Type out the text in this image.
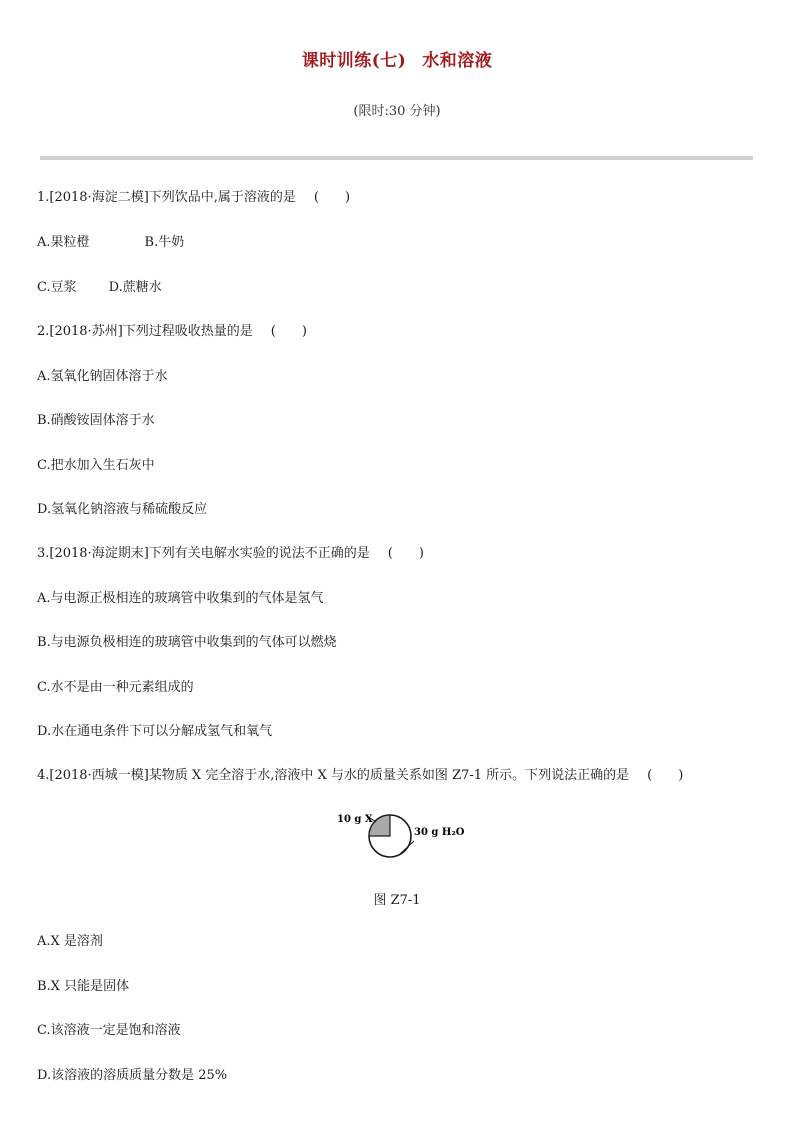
课时训练(七) 水和溶液
(限时:30 分钟)
1.[2018·海淀二模]下列饮品中,属于溶液的是 (　　)
A.果粒橙	B.牛奶
C.豆浆 D.蔗糖水
2.[2018·苏州]下列过程吸收热量的是 (　　)
A.氢氧化钠固体溶于水
B.硝酸铵固体溶于水
C.把水加入生石灰中
D.氢氧化钠溶液与稀硫酸反应
3.[2018·海淀期末]下列有关电解水实验的说法不正确的是 (　　)
A.与电源正极相连的玻璃管中收集到的气体是氢气
B.与电源负极相连的玻璃管中收集到的气体可以燃烧
C.水不是由一种元素组成的
D.水在通电条件下可以分解成氢气和氧气
4.[2018·西城一模]某物质 X 完全溶于水,溶液中 X 与水的质量关系如图 Z7-1 所示。下列说法正确的是 (　　)
10 g X
30 g H₂O
图 Z7-1
A.X 是溶剂
B.X 只能是固体
C.该溶液一定是饱和溶液
D.该溶液的溶质质量分数是 25%
